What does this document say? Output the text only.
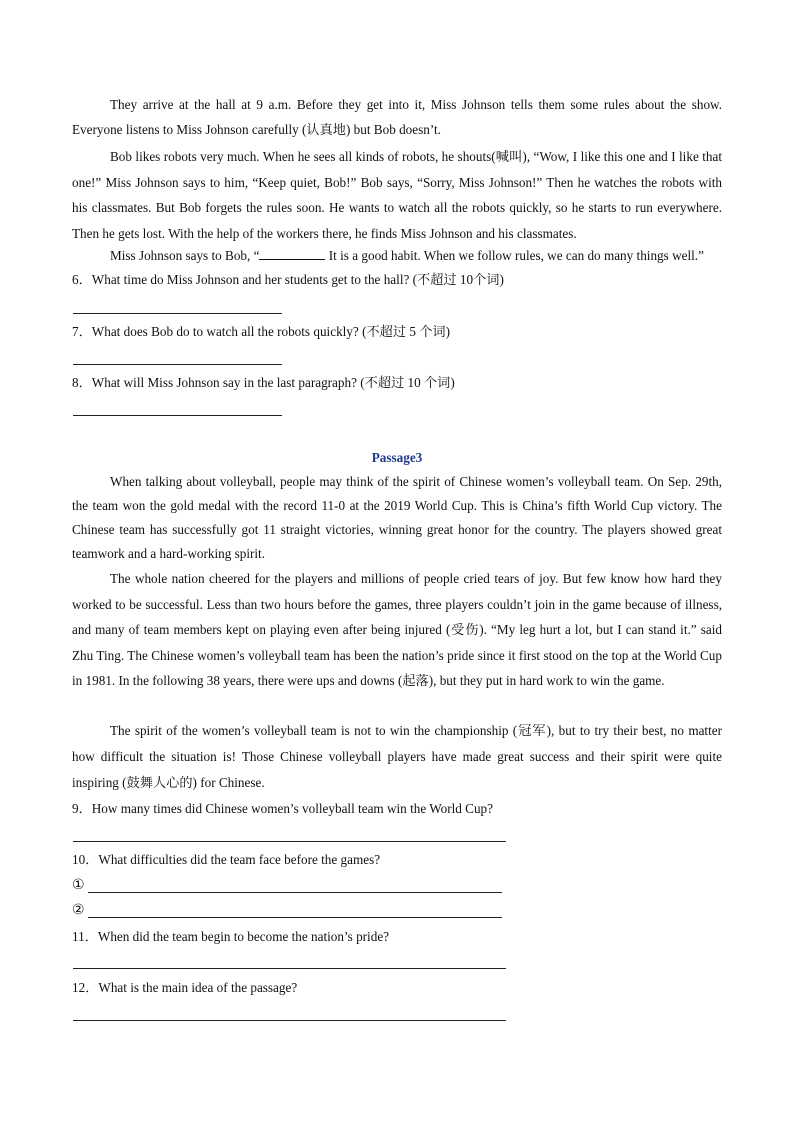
They arrive at the hall at 9 a.m. Before they get into it, Miss Johnson tells them some rules about the show. Everyone listens to Miss Johnson carefully (认真地) but Bob doesn’t.

Bob likes robots very much. When he sees all kinds of robots, he shouts(喊叫), “Wow, I like this one and I like that one!” Miss Johnson says to him, “Keep quiet, Bob!” Bob says, “Sorry, Miss Johnson!” Then he watches the robots with his classmates. But Bob forgets the rules soon. He wants to watch all the robots quickly, so he starts to run everywhere. Then he gets lost. With the help of the workers there, he finds Miss Johnson and his classmates.

Miss Johnson says to Bob, “	It is a good habit. When we follow rules, we can do many things well.”

6．What time do Miss Johnson and her students get to the hall? (不超过 10个词)

7．What does Bob do to watch all the robots quickly? (不超过 5 个词)

8．What will Miss Johnson say in the last paragraph? (不超过 10 个词)

Passage3

When talking about volleyball, people may think of the spirit of Chinese women’s volleyball team. On Sep. 29th, the team won the gold medal with the record 11-0 at the 2019 World Cup. This is China’s fifth World Cup victory. The Chinese team has successfully got 11 straight victories, winning great honor for the country. The players showed great teamwork and a hard-working spirit.

The whole nation cheered for the players and millions of people cried tears of joy. But few know how hard they worked to be successful. Less than two hours before the games, three players couldn’t join in the game because of illness, and many of team members kept on playing even after being injured (受伤). “My leg hurt a lot, but I can stand it.” said Zhu Ting. The Chinese women’s volleyball team has been the nation’s pride since it first stood on the top at the World Cup in 1981. In the following 38 years, there were ups and downs (起落), but they put in hard work to win the game.

The spirit of the women’s volleyball team is not to win the championship (冠军), but to try their best, no matter how difficult the situation is! Those Chinese volleyball players have made great success and their spirit were quite inspiring (鼓舞人心的) for Chinese.

9．How many times did Chinese women’s volleyball team win the World Cup?

10．What difficulties did the team face before the games?

①
②

11．When did the team begin to become the nation’s pride?

12．What is the main idea of the passage?
